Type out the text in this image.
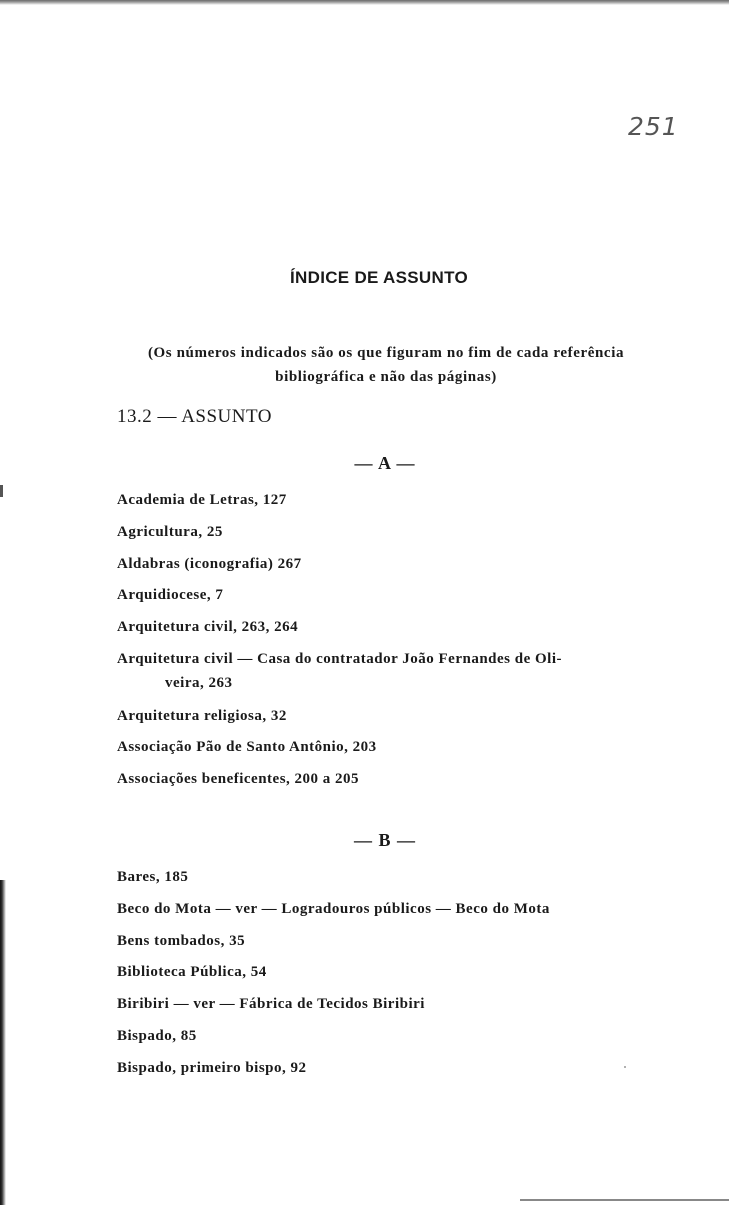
251
ÍNDICE DE ASSUNTO

(Os números indicados são os que figuram no fim de cada referência bibliográfica e não das páginas)

13.2 — ASSUNTO
— A —
Academia de Letras, 127
Agricultura, 25
Aldabras (iconografia) 267
Arquidiocese, 7
Arquitetura civil, 263, 264
Arquitetura civil — Casa do contratador João Fernandes de Oli-
veira, 263
Arquitetura religiosa, 32
Associação Pão de Santo Antônio, 203
Associações beneficentes, 200 a 205
— B —
Bares, 185
Beco do Mota — ver — Logradouros públicos — Beco do Mota
Bens tombados, 35
Biblioteca Pública, 54
Biribiri — ver — Fábrica de Tecidos Biribiri
Bispado, 85
Bispado, primeiro bispo, 92
